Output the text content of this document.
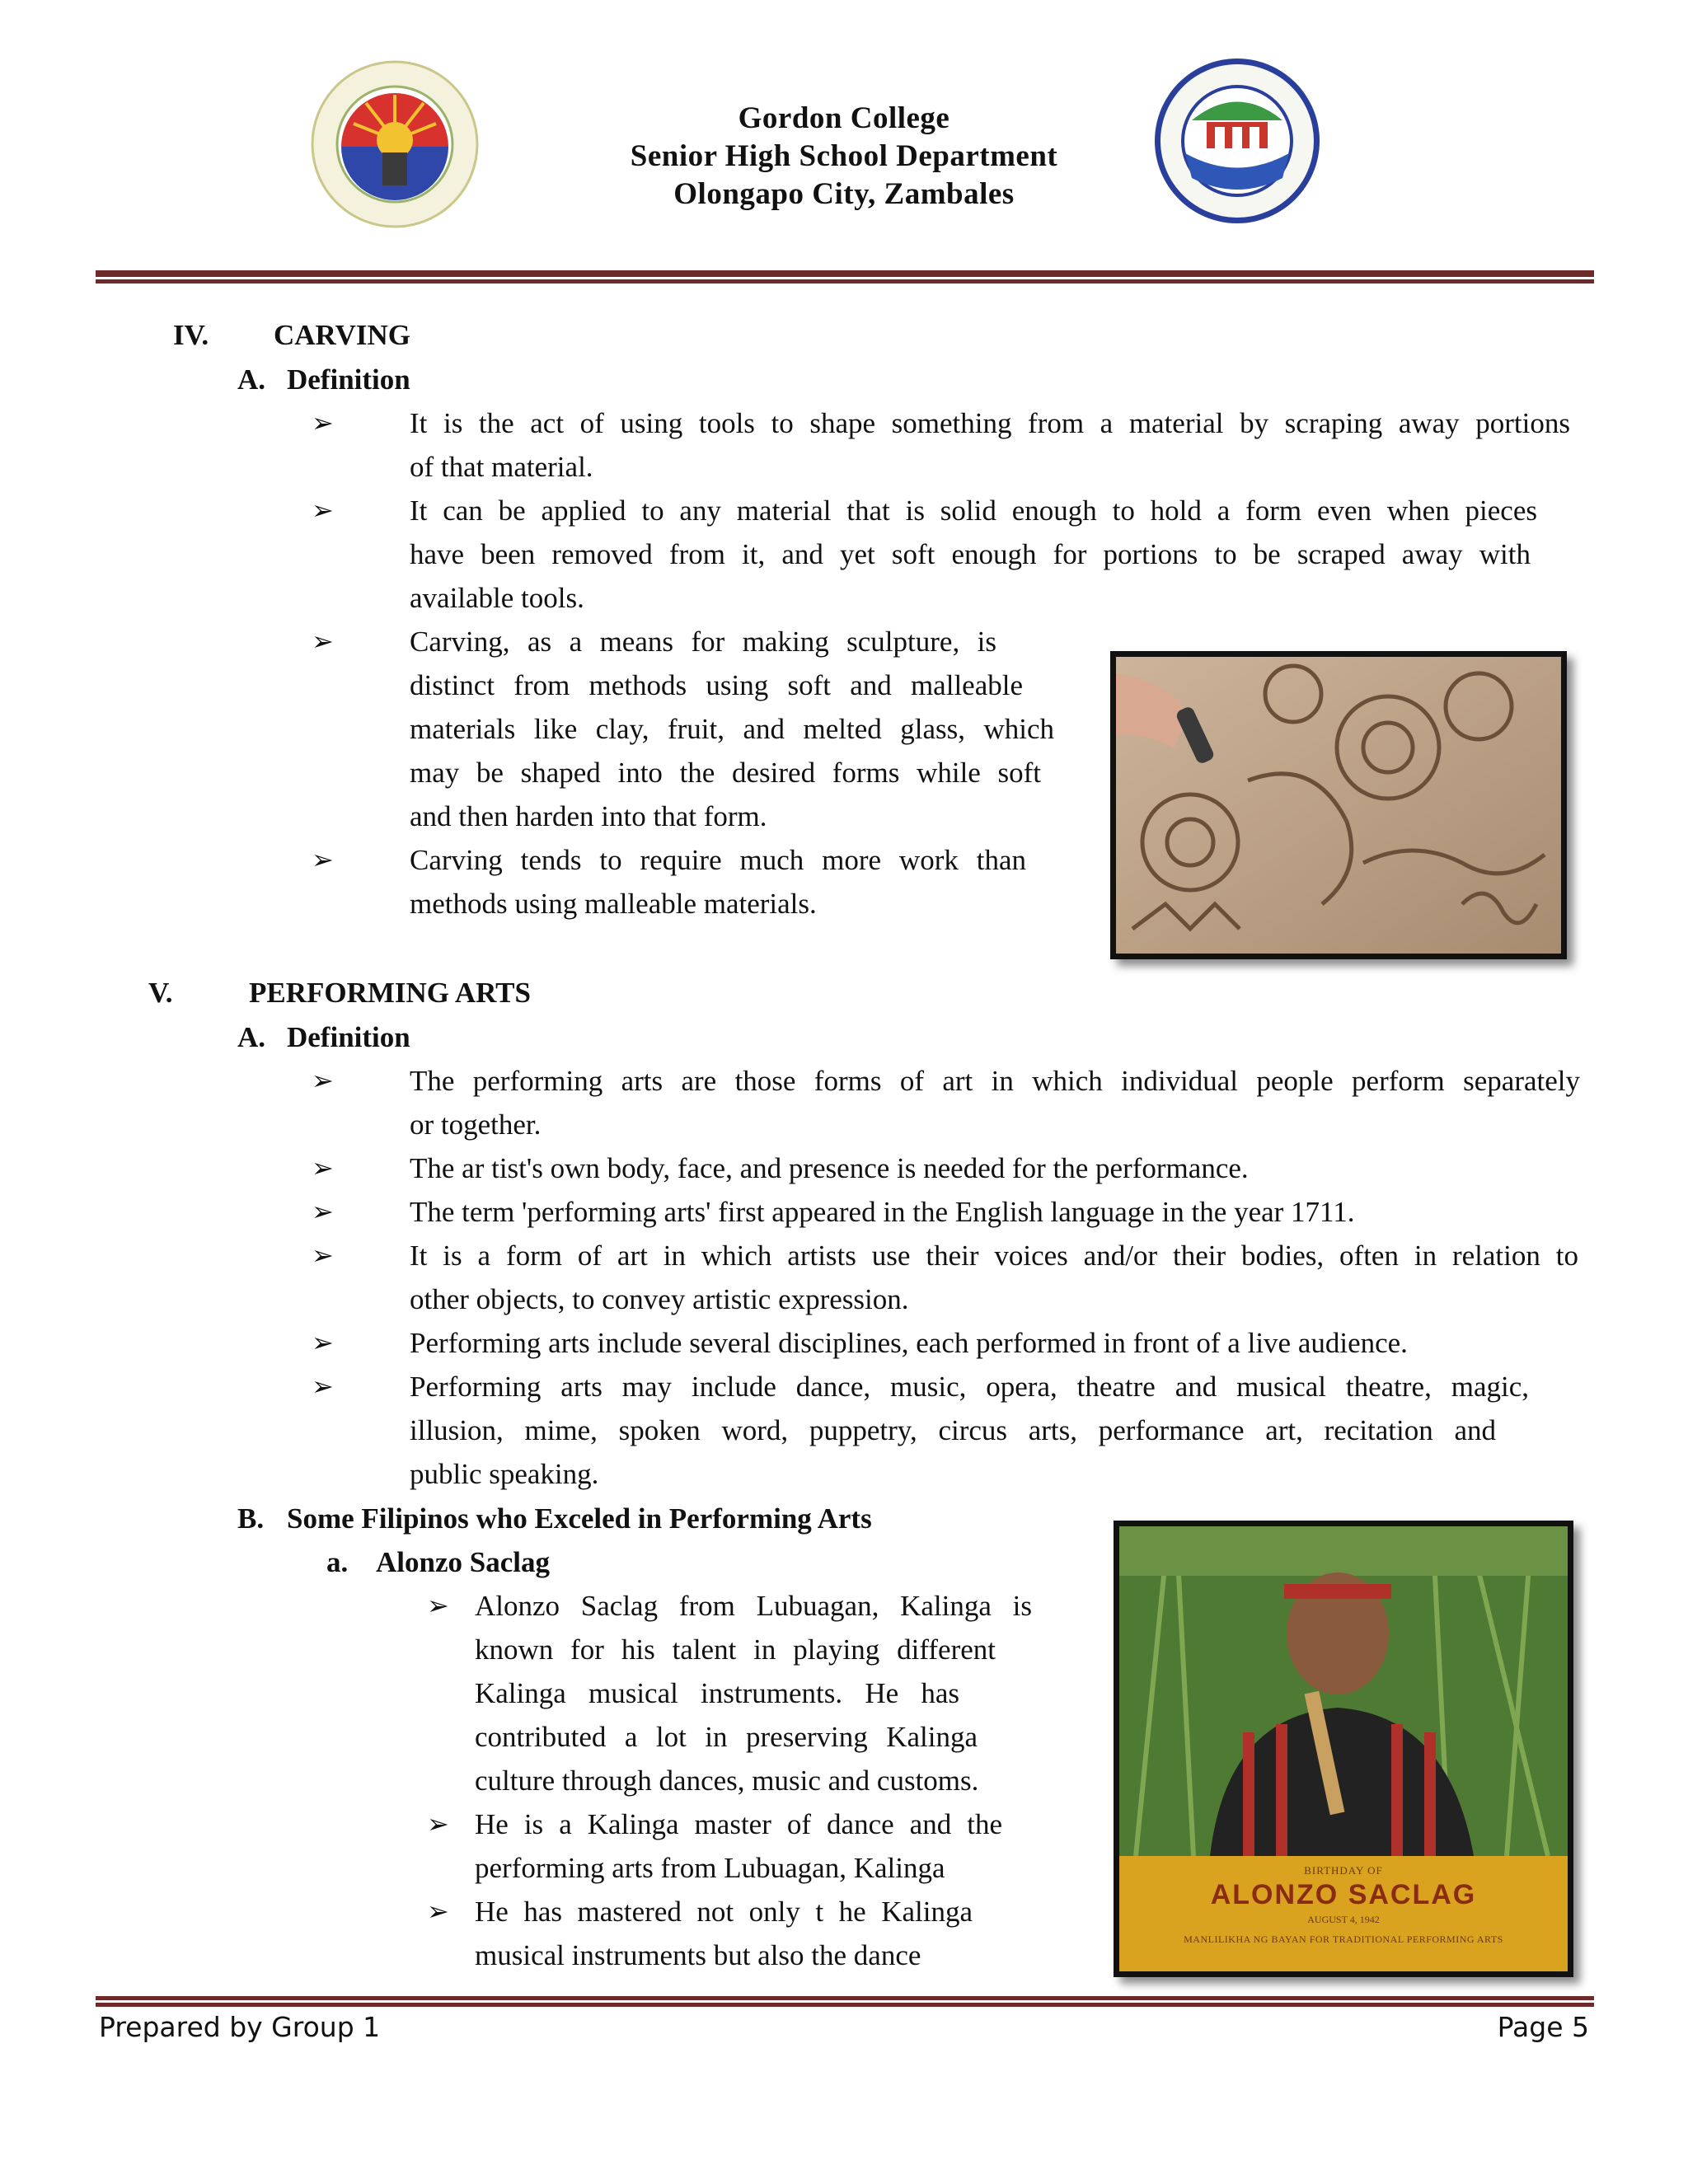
Gordon College
Senior High School Department
Olongapo City, Zambales
IV. CARVING
A. Definition
➢	It is the act of using tools to shape something from a material by scraping away portions
of that material.
➢	It can be applied to any material that is solid enough to hold a form even when pieces
have been removed from it, and yet soft enough for portions to be scraped away with
available tools.
➢	Carving, as a means for making sculpture, is
distinct from methods using soft and malleable
materials like clay, fruit, and melted glass, which
may be shaped into the desired forms while soft
and then harden into that form.
➢	Carving tends to require much more work than
methods using malleable materials.
V.	PERFORMING ARTS
A. Definition
➢	The performing arts are those forms of art in which individual people perform separately
or together.
➢	The ar tist's own body, face, and presence is needed for the performance.
➢	The term 'performing arts' first appeared in the English language in the year 1711.
➢	It is a form of art in which artists use their voices and/or their bodies, often in relation to
other objects, to convey artistic expression.
➢	Performing arts include several disciplines, each performed in front of a live audience.
➢	Performing arts may include dance, music, opera, theatre and musical theatre, magic,
illusion, mime, spoken word, puppetry, circus arts, performance art, recitation and
public speaking.
B. Some Filipinos who Exceled in Performing Arts
a. Alonzo Saclag
➢ Alonzo Saclag from Lubuagan, Kalinga is
known for his talent in playing different
Kalinga musical instruments. He has
contributed a lot in preserving Kalinga
culture through dances, music and customs.
➢ He is a Kalinga master of dance and the
performing arts from Lubuagan, Kalinga
➢ He has mastered not only t he Kalinga
musical instruments but also the dance
BIRTHDAY OF
ALONZO SACLAG
AUGUST 4, 1942
MANLILIKHA NG BAYAN FOR TRADITIONAL PERFORMING ARTS
Prepared by Group 1	Page 5
